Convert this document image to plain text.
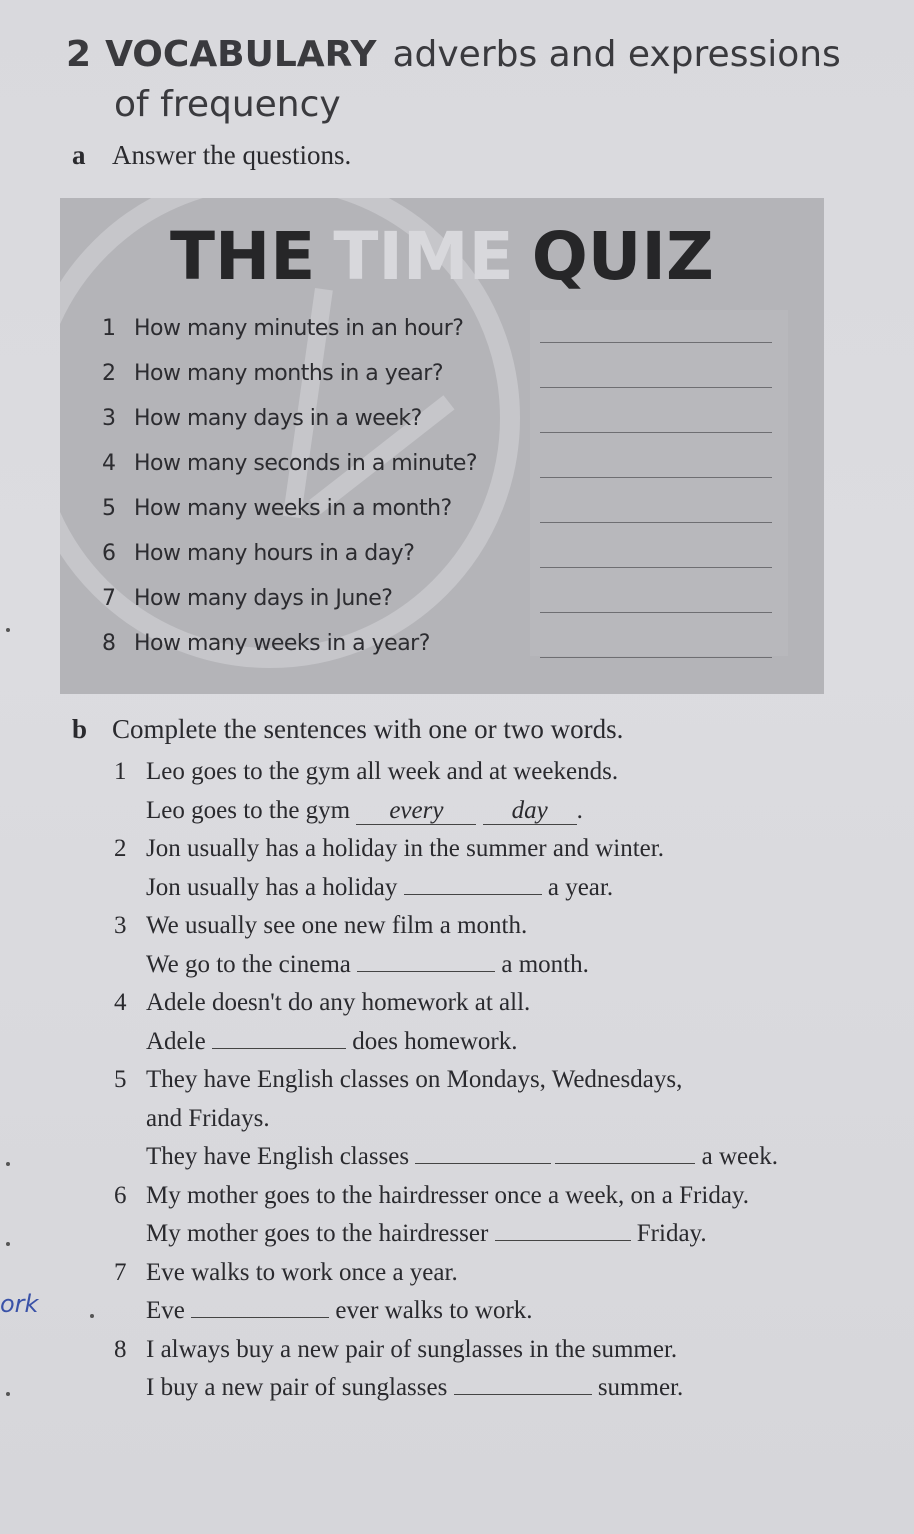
2 VOCABULARY adverbs and expressions
of frequency
a Answer the questions.
THE TIME QUIZ
1 How many minutes in an hour?
2 How many months in a year?
3 How many days in a week?
4 How many seconds in a minute?
5 How many weeks in a month?
6 How many hours in a day?
7 How many days in June?
8 How many weeks in a year?
b Complete the sentences with one or two words.
1 Leo goes to the gym all week and at weekends.
Leo goes to the gym every	day .
2 Jon usually has a holiday in the summer and winter.
Jon usually has a holiday	a year.
3 We usually see one new film a month.
We go to the cinema	a month.
4 Adele doesn't do any homework at all.
Adele	does homework.
5 They have English classes on Mondays, Wednesdays,
and Fridays.
They have English classes	a week.
6 My mother goes to the hairdresser once a week, on a Friday.
My mother goes to the hairdresser	Friday.
7 Eve walks to work once a year.
Eve	ever walks to work.
8 I always buy a new pair of sunglasses in the summer.
I buy a new pair of sunglasses	summer.
ork
